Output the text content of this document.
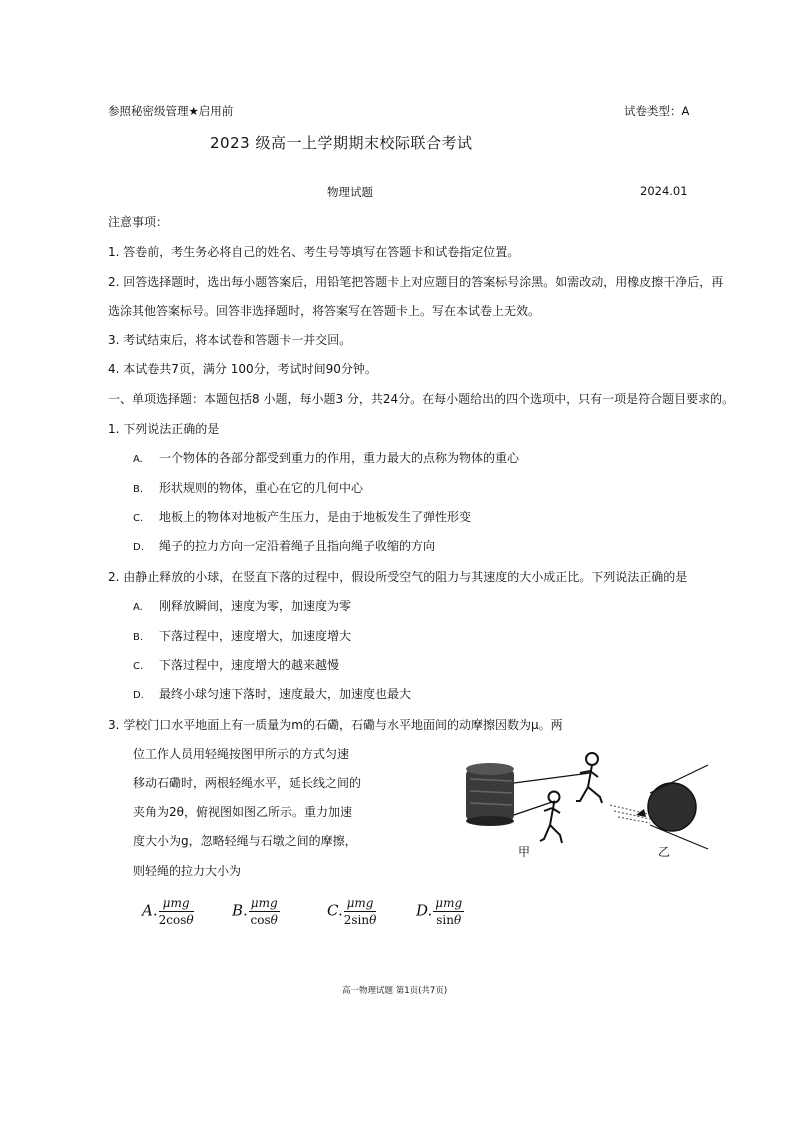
参照秘密级管理★启用前	试卷类型：A
2023 级高一上学期期末校际联合考试
物理试题	2024.01
注意事项：
1. 答卷前，考生务必将自己的姓名、考生号等填写在答题卡和试卷指定位置。
2. 回答选择题时，选出每小题答案后，用铅笔把答题卡上对应题目的答案标号涂黑。如需改动，用橡皮擦干净后，再
选涂其他答案标号。回答非选择题时，将答案写在答题卡上。写在本试卷上无效。
3. 考试结束后，将本试卷和答题卡一并交回。
4. 本试卷共7页，满分 100分，考试时间90分钟。
一、单项选择题：本题包括8 小题，每小题3 分，共24分。在每小题给出的四个选项中，只有一项是符合题目要求的。
1. 下列说法正确的是
A. 一个物体的各部分都受到重力的作用，重力最大的点称为物体的重心
B. 形状规则的物体，重心在它的几何中心
C. 地板上的物体对地板产生压力，是由于地板发生了弹性形变
D. 绳子的拉力方向一定沿着绳子且指向绳子收缩的方向
2. 由静止释放的小球，在竖直下落的过程中，假设所受空气的阻力与其速度的大小成正比。下列说法正确的是
A. 刚释放瞬间，速度为零，加速度为零
B. 下落过程中，速度增大，加速度增大
C. 下落过程中，速度增大的越来越慢
D. 最终小球匀速下落时，速度最大，加速度也最大
3. 学校门口水平地面上有一质量为m的石磡，石磡与水平地面间的动摩擦因数为μ。两
位工作人员用轻绳按图甲所示的方式匀速
移动石磡时，两根轻绳水平，延长线之间的
夹角为2θ，俯视图如图乙所示。重力加速
度大小为g，忽略轻绳与石墩之间的摩擦，
则轻绳的拉力大小为
甲	乙
A. $\frac{\text{μmg}}{2\cos\theta}$	B. $\frac{\text{μmg}}{\cos\theta}$	C. $\frac{\text{μmg}}{2\sin\theta}$	D. $\frac{\text{μmg}}{\sin\theta}$
高一物理试题 第1页(共7页)
